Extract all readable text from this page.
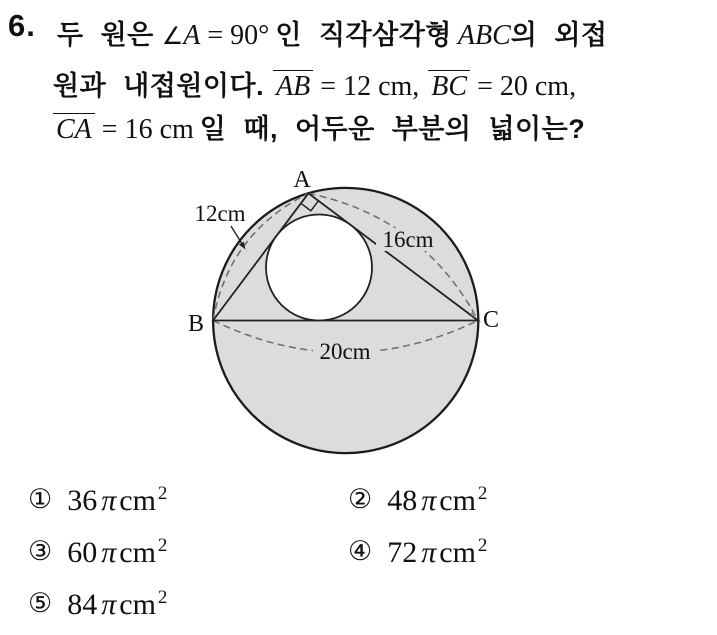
6. 두 원은 ∠A = 90° 인 직각삼각형 ABC의 외접
원과 내접원이다. AB = 12 cm, BC = 20 cm,
CA = 16 cm 일 때, 어두운 부분의 넓이는?
A
B	C
12cm
16cm
20cm
① 36 π cm 2	② 48 π cm 2
③ 60 π cm 2	④ 72 π cm 2
⑤ 84 π cm 2
